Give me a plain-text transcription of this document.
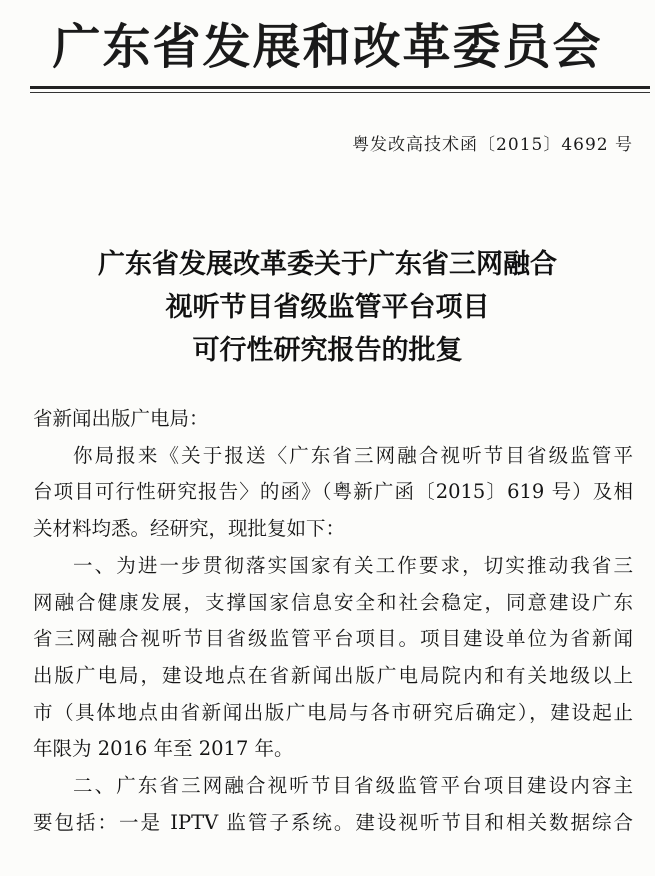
广东省发展和改革委员会
粤发改高技术函〔2015〕4692 号
广东省发展改革委关于广东省三网融合
视听节目省级监管平台项目
可行性研究报告的批复
省新闻出版广电局：
你局报来《关于报送〈广东省三网融合视听节目省级监管平
台项目可行性研究报告〉的函》（粤新广函〔2015〕619 号）及相
关材料均悉。经研究，现批复如下：
一、为进一步贯彻落实国家有关工作要求，切实推动我省三
网融合健康发展，支撑国家信息安全和社会稳定，同意建设广东
省三网融合视听节目省级监管平台项目。项目建设单位为省新闻
出版广电局，建设地点在省新闻出版广电局院内和有关地级以上
市（具体地点由省新闻出版广电局与各市研究后确定），建设起止
年限为 2016 年至 2017 年。
二、广东省三网融合视听节目省级监管平台项目建设内容主
要包括：一是 IPTV 监管子系统。建设视听节目和相关数据综合
